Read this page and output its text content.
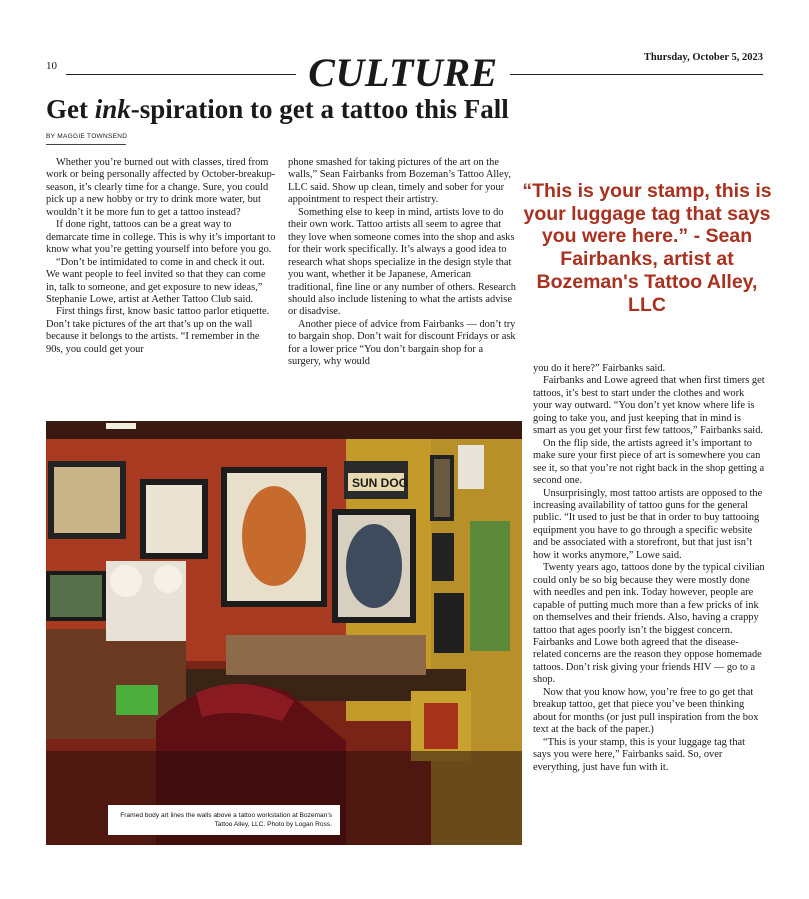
10	CULTURE	Thursday, October 5, 2023
Get ink-spiration to get a tattoo this Fall
BY MAGGIE TOWNSEND

Whether you’re burned out with classes, tired from work or being personally affected by October-breakup-season, it’s clearly time for a change. Sure, you could pick up a new hobby or try to drink more water, but wouldn’t it be more fun to get a tattoo instead?

If done right, tattoos can be a great way to demarcate time in college. This is why it’s important to know what you’re getting yourself into before you go.

“Don’t be intimidated to come in and check it out. We want people to feel invited so that they can come in, talk to someone, and get exposure to new ideas,” Stephanie Lowe, artist at Aether Tattoo Club said.

First things first, know basic tattoo parlor etiquette. Don’t take pictures of the art that’s up on the wall because it belongs to the artists. “I remember in the 90s, you could get your

phone smashed for taking pictures of the art on the walls,” Sean Fairbanks from Bozeman’s Tattoo Alley, LLC said. Show up clean, timely and sober for your appointment to respect their artistry.

Something else to keep in mind, artists love to do their own work. Tattoo artists all seem to agree that they love when someone comes into the shop and asks for their work specifically. It’s always a good idea to research what shops specialize in the design style that you want, whether it be Japanese, American traditional, fine line or any number of others. Research should also include listening to what the artists advise or disadvise.

Another piece of advice from Fairbanks — don’t try to bargain shop. Don’t wait for discount Fridays or ask for a lower price “You don’t bargain shop for a surgery, why would

“This is your stamp, this is your luggage tag that says you were here.” - Sean Fairbanks, artist at Bozeman's Tattoo Alley, LLC

you do it here?” Fairbanks said.

Fairbanks and Lowe agreed that when first timers get tattoos, it’s best to start under the clothes and work your way outward. “You don’t yet know where life is going to take you, and just keeping that in mind is smart as you get your first few tattoos,” Fairbanks said.

On the flip side, the artists agreed it’s important to make sure your first piece of art is somewhere you can see it, so that you’re not right back in the shop getting a second one.

Unsurprisingly, most tattoo artists are opposed to the increasing availability of tattoo guns for the general public. “It used to just be that in order to buy tattooing equipment you have to go through a specific website and be associated with a storefront, but that just isn’t how it works anymore,” Lowe said.

Twenty years ago, tattoos done by the typical civilian could only be so big because they were mostly done with needles and pen ink. Today however, people are capable of putting much more than a few pricks of ink on themselves and their friends. Also, having a crappy tattoo that ages poorly isn’t the biggest concern. Fairbanks and Lowe both agreed that the disease-related concerns are the reason they oppose homemade tattoos. Don’t risk giving your friends HIV — go to a shop.

Now that you know how, you’re free to go get that breakup tattoo, get that piece you’ve been thinking about for months (or just pull inspiration from the box text at the back of the paper.)

“This is your stamp, this is your luggage tag that says you were here,” Fairbanks said. So, over everything, just have fun with it.

SUN DOG
Framed body art lines the walls above a tattoo workstation at Bozeman’s Tattoo Alley, LLC. Photo by Logan Ross.
